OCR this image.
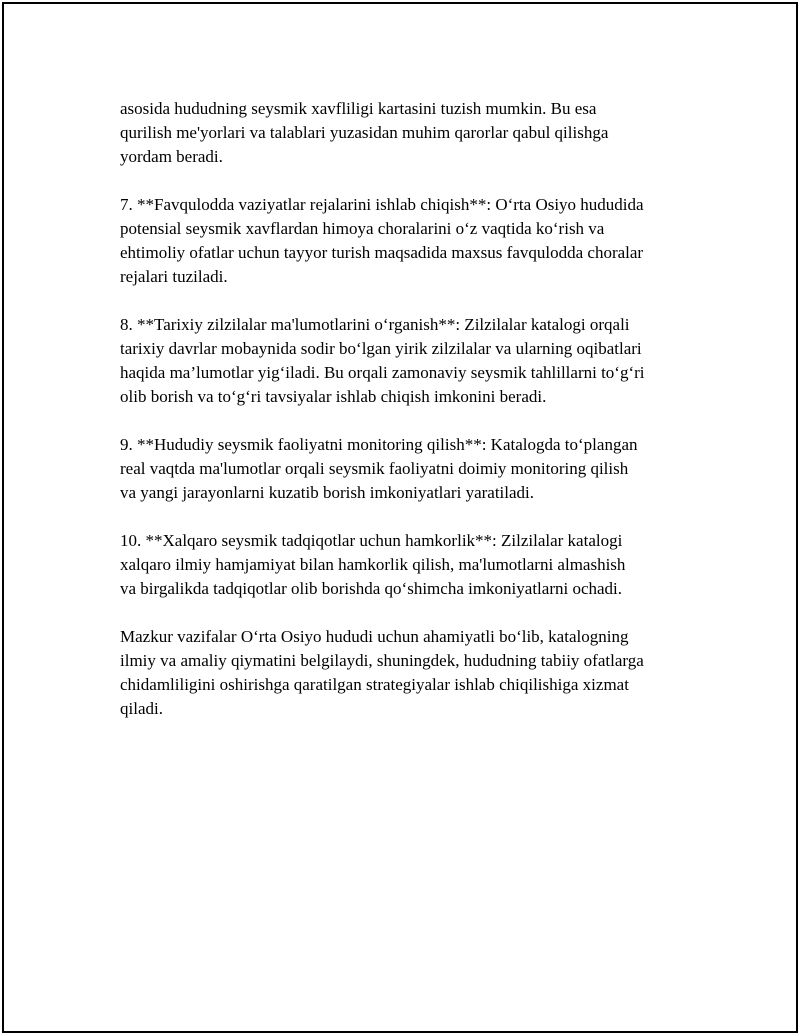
asosida hududning seysmik xavfliligi kartasini tuzish mumkin. Bu esa
qurilish me'yorlari va talablari yuzasidan muhim qarorlar qabul qilishga
yordam beradi.

7. **Favqulodda vaziyatlar rejalarini ishlab chiqish**: O‘rta Osiyo hududida
potensial seysmik xavflardan himoya choralarini o‘z vaqtida ko‘rish va
ehtimoliy ofatlar uchun tayyor turish maqsadida maxsus favqulodda choralar
rejalari tuziladi.

8. **Tarixiy zilzilalar ma'lumotlarini o‘rganish**: Zilzilalar katalogi orqali
tarixiy davrlar mobaynida sodir bo‘lgan yirik zilzilalar va ularning oqibatlari
haqida ma’lumotlar yig‘iladi. Bu orqali zamonaviy seysmik tahlillarni to‘g‘ri
olib borish va to‘g‘ri tavsiyalar ishlab chiqish imkonini beradi.

9. **Hududiy seysmik faoliyatni monitoring qilish**: Katalogda to‘plangan
real vaqtda ma'lumotlar orqali seysmik faoliyatni doimiy monitoring qilish
va yangi jarayonlarni kuzatib borish imkoniyatlari yaratiladi.

10. **Xalqaro seysmik tadqiqotlar uchun hamkorlik**: Zilzilalar katalogi
xalqaro ilmiy hamjamiyat bilan hamkorlik qilish, ma'lumotlarni almashish
va birgalikda tadqiqotlar olib borishda qo‘shimcha imkoniyatlarni ochadi.

Mazkur vazifalar O‘rta Osiyo hududi uchun ahamiyatli bo‘lib, katalogning
ilmiy va amaliy qiymatini belgilaydi, shuningdek, hududning tabiiy ofatlarga
chidamliligini oshirishga qaratilgan strategiyalar ishlab chiqilishiga xizmat
qiladi.
